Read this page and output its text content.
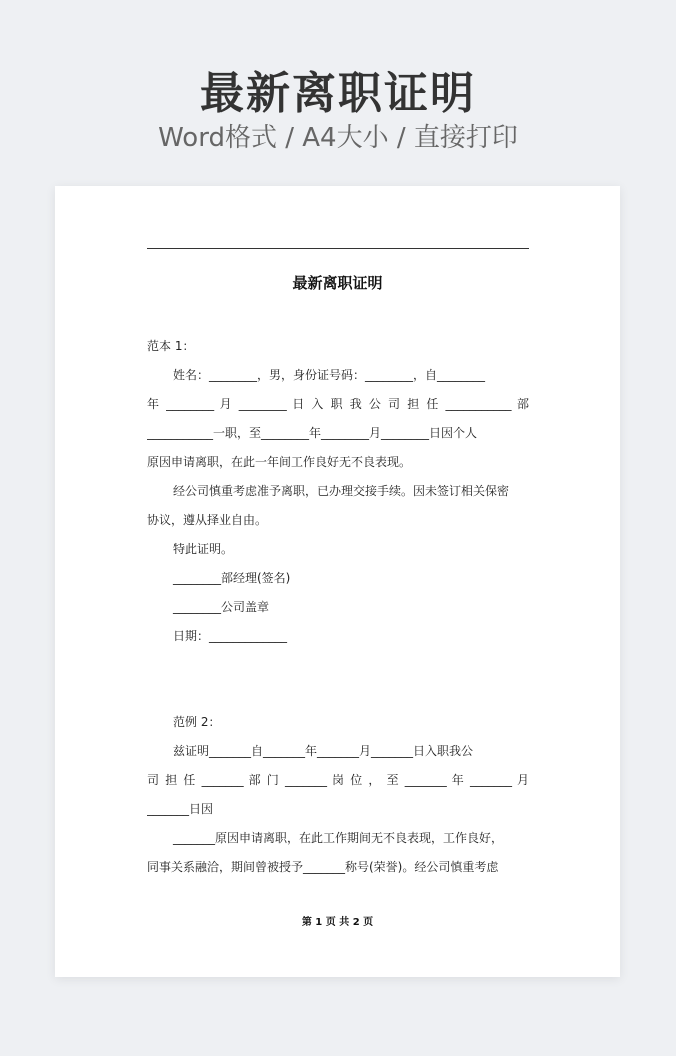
最新离职证明
Word格式 / A4大小 / 直接打印
最新离职证明
范本 1：
姓名：________，男，身份证号码：________，自________
年 ________ 月 ________ 日 入 职 我 公 司 担 任 ___________ 部
___________一职，至________年________月________日因个人
原因申请离职，在此一年间工作良好无不良表现。
经公司慎重考虑准予离职，已办理交接手续。因未签订相关保密
协议，遵从择业自由。
特此证明。
________部经理(签名)
________公司盖章
日期：_____________
范例 2：
兹证明_______自_______年_______月_______日入职我公
司 担 任 _______ 部 门 _______ 岗 位 ， 至 _______ 年 _______ 月
_______日因
_______原因申请离职，在此工作期间无不良表现，工作良好，
同事关系融洽，期间曾被授予_______称号(荣誉)。经公司慎重考虑
第 1 页 共 2 页
